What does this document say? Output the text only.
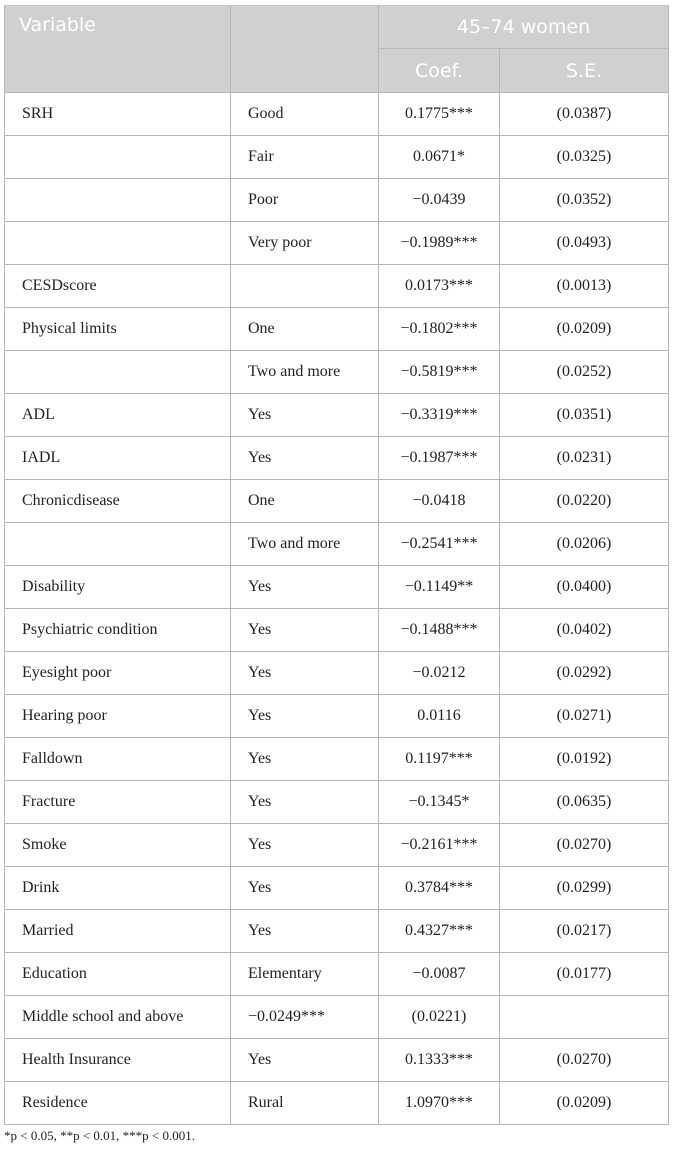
Variable		45–74 women	
		Coef.	S.E.
SRH	Good	0.1775***	(0.0387)
	Fair	0.0671*	(0.0325)
	Poor	−0.0439	(0.0352)
	Very poor	−0.1989***	(0.0493)
CESDscore		0.0173***	(0.0013)
Physical limits	One	−0.1802***	(0.0209)
	Two and more	−0.5819***	(0.0252)
ADL	Yes	−0.3319***	(0.0351)
IADL	Yes	−0.1987***	(0.0231)
Chronicdisease	One	−0.0418	(0.0220)
	Two and more	−0.2541***	(0.0206)
Disability	Yes	−0.1149**	(0.0400)
Psychiatric condition	Yes	−0.1488***	(0.0402)
Eyesight poor	Yes	−0.0212	(0.0292)
Hearing poor	Yes	0.0116	(0.0271)
Falldown	Yes	0.1197***	(0.0192)
Fracture	Yes	−0.1345*	(0.0635)
Smoke	Yes	−0.2161***	(0.0270)
Drink	Yes	0.3784***	(0.0299)
Married	Yes	0.4327***	(0.0217)
Education	Elementary	−0.0087	(0.0177)
Middle school and above	−0.0249***	(0.0221)	
Health Insurance	Yes	0.1333***	(0.0270)
Residence	Rural	1.0970***	(0.0209)
*p < 0.05, **p < 0.01, ***p < 0.001.
